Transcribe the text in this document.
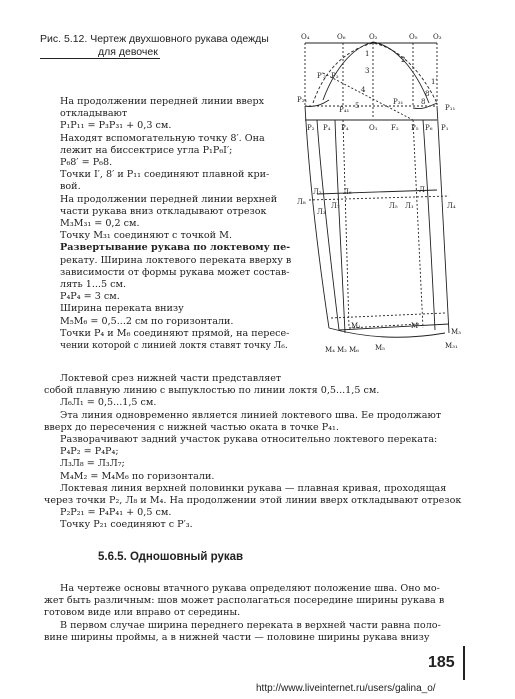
Рис. 5.12. Чертеж двухшовного рукава одежды
для девочек

На продолжении передней линии вверх

откладывают

P₁P₁₁ = P₃P₃₁ + 0,3 см.

Находят вспомогательную точку 8′. Она

лежит на биссектрисе угла P₁P₆I′;

P₆8′ = P₆8.

Точки I′, 8′ и P₁₁ соединяют плавной кри-

вой.

На продолжении передней линии верхней

части рукава вниз откладывают отрезок

M₃M₃₁ = 0,2 см.

Точку M₃₁ соединяют с точкой M.

Развертывание рукава по локтевому пе-

рекату. Ширина локтевого переката вверху в

зависимости от формы рукава может состав-

лять 1...5 см.

P₄P₄ = 3 см.

Ширина переката внизу

M₅M₆ = 0,5...2 см по горизонтали.

Точки P₄ и M₆ соединяют прямой, на пересе-

чении которой с линией локтя ставят точку Л₆.

Локтевой срез нижней части представляет

собой плавную линию с выпуклостью по линии локтя 0,5...1,5 см.

Л₆Л₁ = 0,5...1,5 см.

Эта линия одновременно является линией локтевого шва. Ее продолжают

вверх до пересечения с нижней частью оката в точке P₄₁.

Разворачивают задний участок рукава относительно локтевого переката:

P₄P₂ = P₄P₄;

Л₃Л₈ = Л₃Л₇;

M₄M₂ = M₄M₆ по горизонтали.

Локтевая линия верхней половинки рукава — плавная кривая, проходящая

через точки P₂, Л₈ и M₄. На продолжении этой линии вверх откладывают отрезок

P₂P₂₁ = P₄P₄₁ + 0,5 см.

Точку P₂₁ соединяют с P′₃.

5.6.5. Одношовный рукав

На чертеже основы втачного рукава определяют положение шва. Оно мо-

жет быть различным: шов может располагаться посередине ширины рукава в

готовом виде или вправо от середины.

В первом случае ширина переднего переката в верхней части равна поло-

вине ширины проймы, а в нижней части — половине ширины рукава внизу

185
http://www.liveinternet.ru/users/galina_o/
O₄	O₆	O₂	O₅ O₃
P′₃ P₃
P₂₁
P₂ P₄ P₄
P₄₁
O₁ F₂ P₅ P₆ P₁
P₁₁
P₃₁
1
2
3
4
5	8
8′
1′
Л₈
Л₂	Л₆
Л₃
Л₇	Л₅ Л₁
Л
Л₄
M₁	M
M₃
M₄ M₂ M₆ M₅	M₃₁
